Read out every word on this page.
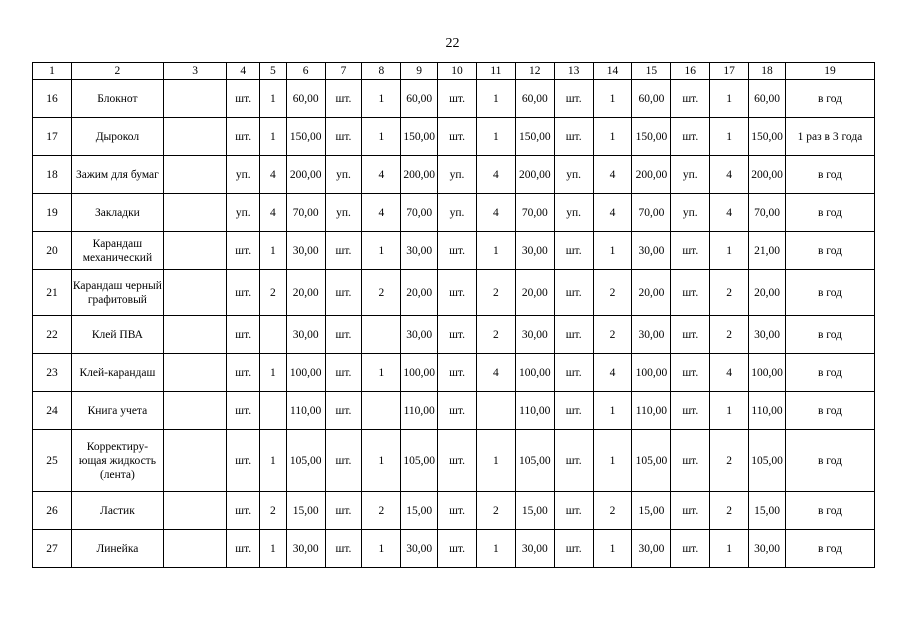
22
1	2	3	4	5	6	7	8	9	10	11	12	13	14	15	16	17	18	19
16	Блокнот		шт.	1	60,00	шт.	1	60,00	шт.	1	60,00	шт.	1	60,00	шт.	1	60,00	в год
17	Дырокол		шт.	1	150,00	шт.	1	150,00	шт.	1	150,00	шт.	1	150,00	шт.	1	150,00	1 раз в 3 года
18	Зажим для бумаг		уп.	4	200,00	уп.	4	200,00	уп.	4	200,00	уп.	4	200,00	уп.	4	200,00	в год
19	Закладки		уп.	4	70,00	уп.	4	70,00	уп.	4	70,00	уп.	4	70,00	уп.	4	70,00	в год
20	Карандаш механический		шт.	1	30,00	шт.	1	30,00	шт.	1	30,00	шт.	1	30,00	шт.	1	21,00	в год
21	Карандаш черный графитовый		шт.	2	20,00	шт.	2	20,00	шт.	2	20,00	шт.	2	20,00	шт.	2	20,00	в год
22	Клей ПВА		шт.		30,00	шт.		30,00	шт.	2	30,00	шт.	2	30,00	шт.	2	30,00	в год
23	Клей-карандаш		шт.	1	100,00	шт.	1	100,00	шт.	4	100,00	шт.	4	100,00	шт.	4	100,00	в год
24	Книга учета		шт.		110,00	шт.		110,00	шт.		110,00	шт.	1	110,00	шт.	1	110,00	в год
25	Корректиру-ющая жидкость (лента)		шт.	1	105,00	шт.	1	105,00	шт.	1	105,00	шт.	1	105,00	шт.	2	105,00	в год
26	Ластик		шт.	2	15,00	шт.	2	15,00	шт.	2	15,00	шт.	2	15,00	шт.	2	15,00	в год
27	Линейка		шт.	1	30,00	шт.	1	30,00	шт.	1	30,00	шт.	1	30,00	шт.	1	30,00	в год
